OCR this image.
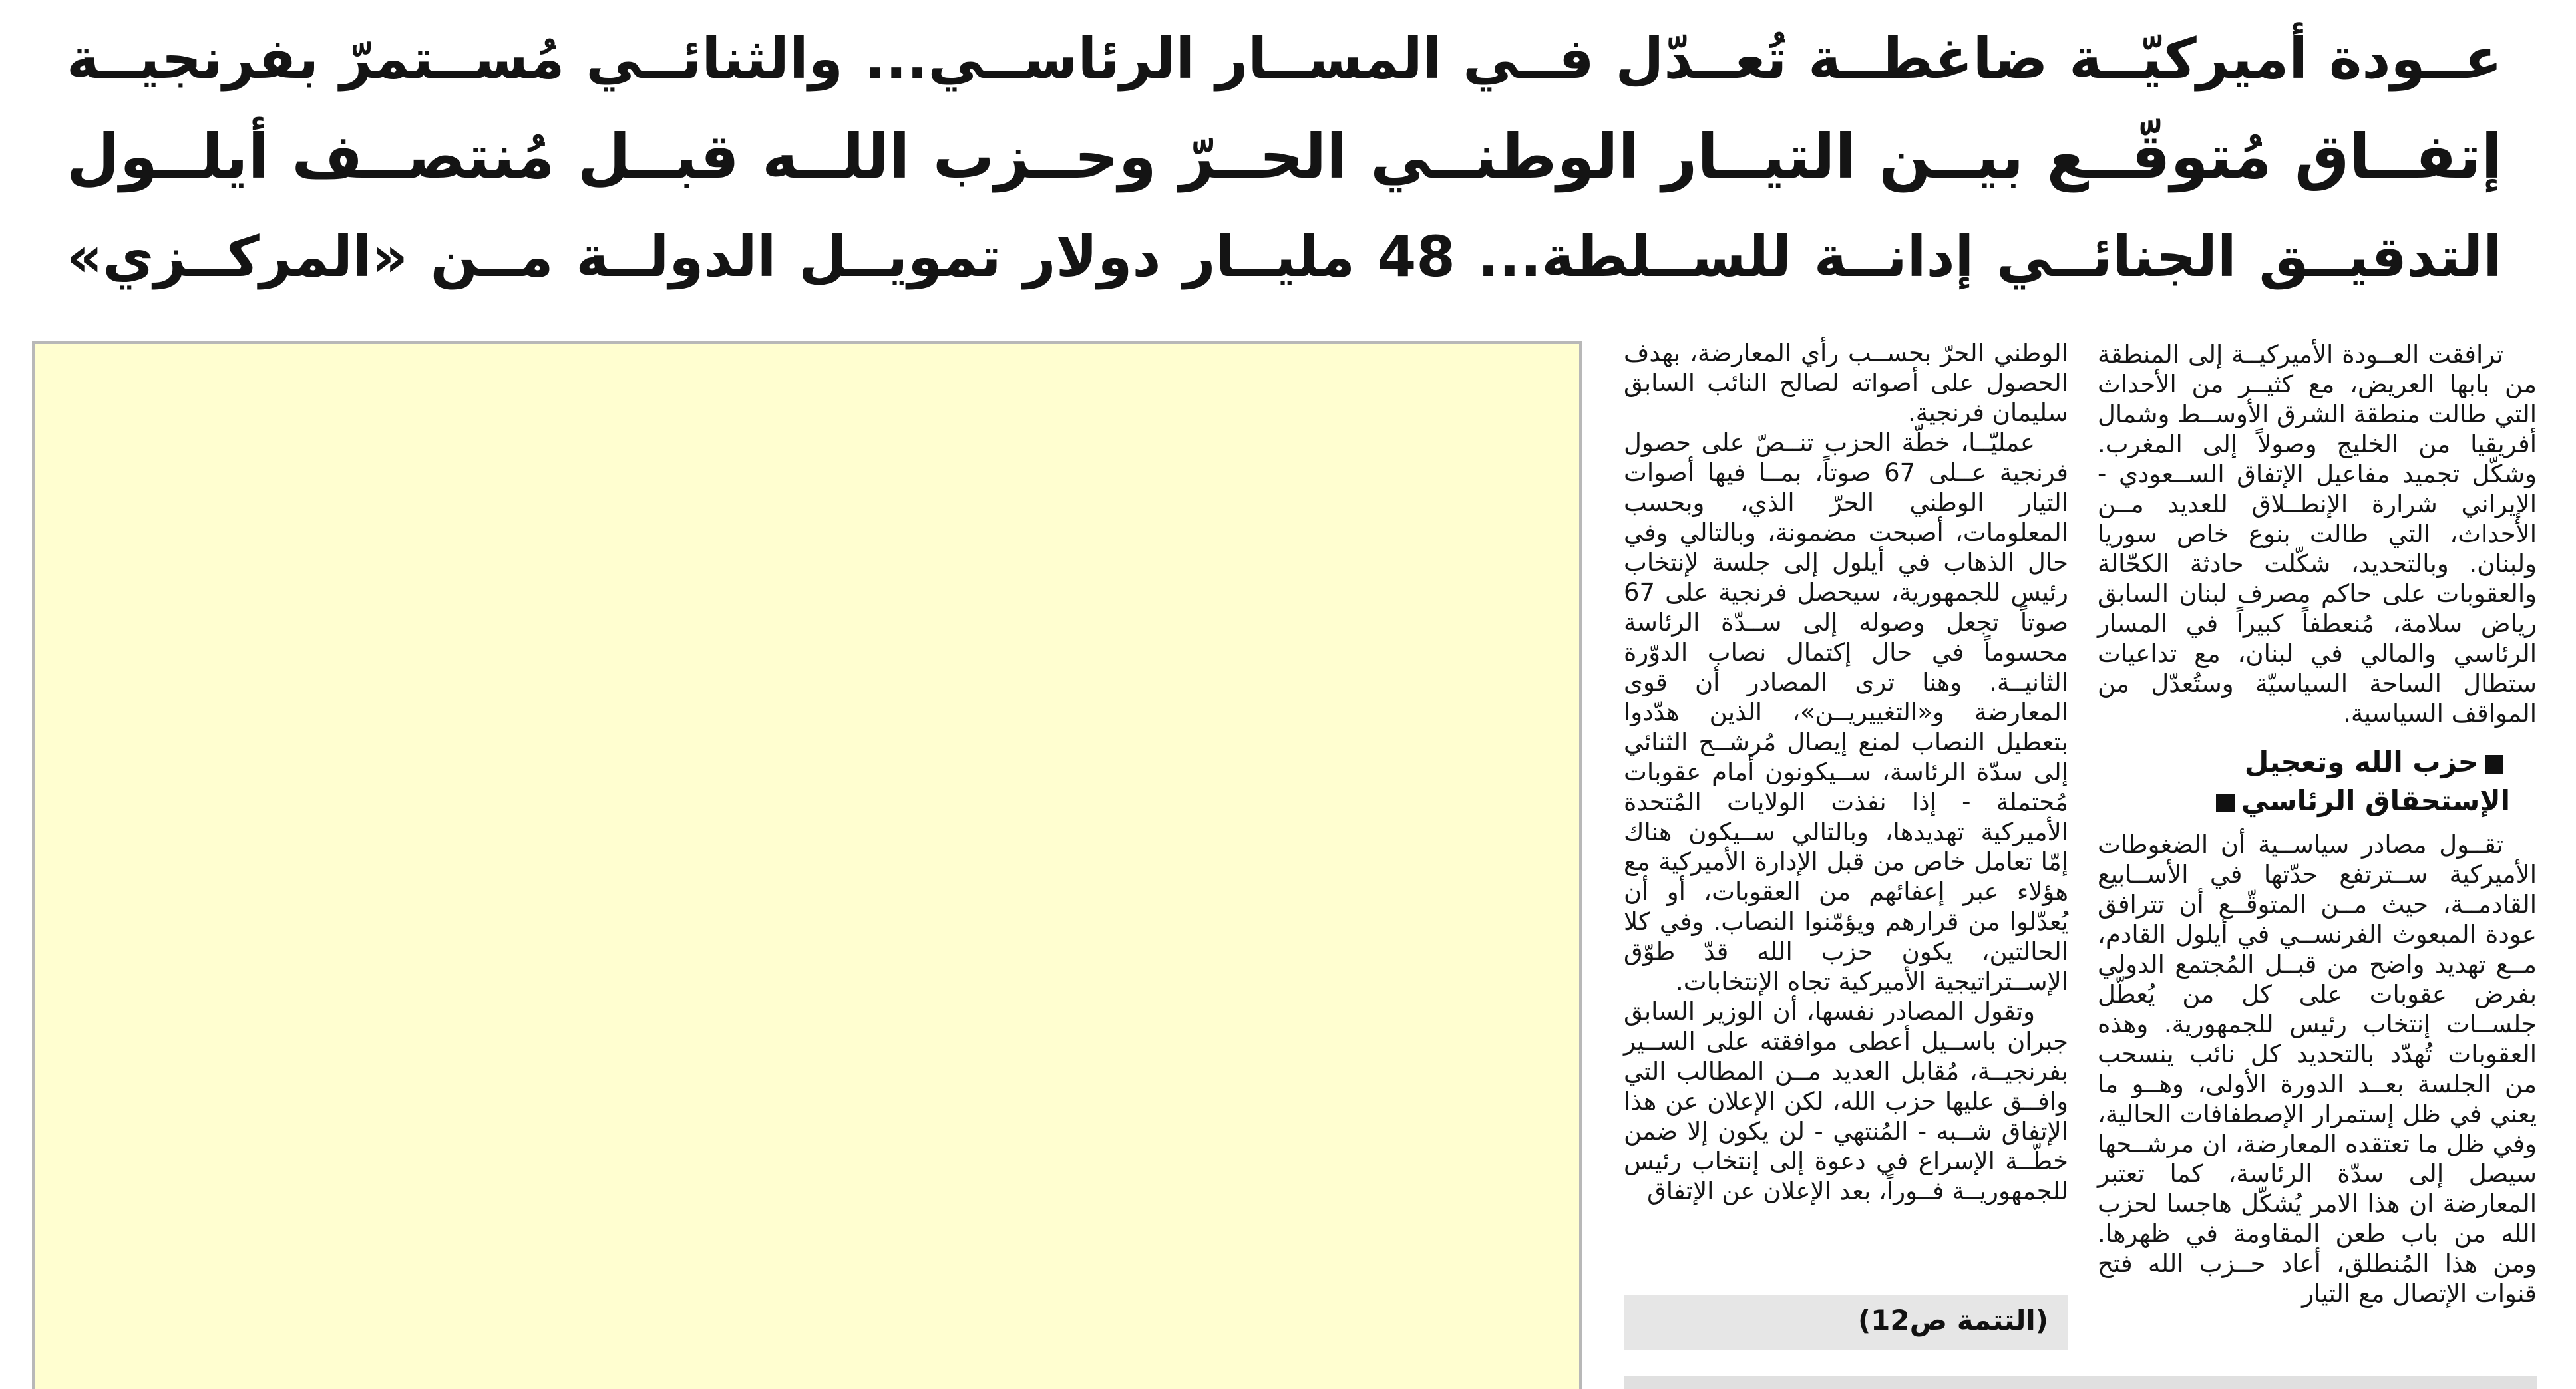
عــودة أميركيّــة ضاغطــة تُعــدّل فــي المســار الرئاســي... والثنائــي مُســتمرّ بفرنجيــة
إتفــاق مُتوقّــع بيــن التيــار الوطنــي الحــرّ وحــزب اللــه قبــل مُنتصــف أيلــول
التدقيــق الجنائــي إدانــة للســلطة... 48 مليــار دولار تمويــل الدولــة مــن «المركــزي»

ترافقت العــودة الأميركيــة إلى المنطقة من بابها العريض، مع كثيــر من الأحداث التي طالت منطقة الشرق الأوســط وشمال أفريقيا من الخليج وصولاً إلى المغرب. وشكّل تجميد مفاعيل الإتفاق الســعودي - الإيراني شرارة الإنطــلاق للعديد مــن الأحداث، التي طالت بنوع خاص سوريا ولبنان. وبالتحديد، شكّلت حادثة الكحّالة والعقوبات على حاكم مصرف لبنان السابق رياض سلامة، مُنعطفاً كبيراً في المسار الرئاسي والمالي في لبنان، مع تداعيات ستطال الساحة السياسيّة وستُعدّل من المواقف السياسية.

حزب الله وتعجيل
الإستحقاق الرئاسي

تقــول مصادر سياســية أن الضغوطات الأميركية ســترتفع حدّتها في الأســابيع القادمــة، حيث مــن المتوقّــع أن تترافق عودة المبعوث الفرنســي في أيلول القادم، مــع تهديد واضح من قبــل المُجتمع الدولي بفرض عقوبات على كل من يُعطّل جلســات إنتخاب رئيس للجمهورية. وهذه العقوبات تُهدّد بالتحديد كل نائب ينسحب من الجلسة بعــد الدورة الأولى، وهــو ما يعني في ظل إستمرار الإصطفافات الحالية، وفي ظل ما تعتقده المعارضة، ان مرشــحها سيصل إلى سدّة الرئاسة، كما تعتبر المعارضة ان هذا الامر يُشكّل هاجسا لحزب الله من باب طعن المقاومة في ظهرها. ومن هذا المُنطلق، أعاد حــزب الله فتح قنوات الإتصال مع التيار

الوطني الحرّ بحســب رأي المعارضة، بهدف الحصول على أصواته لصالح النائب السابق سليمان فرنجية.

عمليّــا، خطّة الحزب تنــصّ على حصول فرنجية عــلى 67 صوتاً، بمــا فيها أصوات التيار الوطني الحرّ الذي، وبحسب المعلومات، أصبحت مضمونة، وبالتالي وفي حال الذهاب في أيلول إلى جلسة لإنتخاب رئيس للجمهورية، سيحصل فرنجية على 67 صوتاً تجعل وصوله إلى ســدّة الرئاسة محسوماً في حال إكتمال نصاب الدوّرة الثانيــة. وهنا ترى المصادر أن قوى المعارضة و«التغييريــن»، الذين هدّدوا بتعطيل النصاب لمنع إيصال مُرشــح الثنائي إلى سدّة الرئاسة، ســيكونون أمام عقوبات مُحتملة - إذا نفذت الولايات المُتحدة الأميركية تهديدها، وبالتالي ســيكون هناك إمّا تعامل خاص من قبل الإدارة الأميركية مع هؤلاء عبر إعفائهم من العقوبات، أو أن يُعدّلوا من قرارهم ويؤمّنوا النصاب. وفي كلا الحالتين، يكون حزب الله قدّ طوّق الإســتراتيجية الأميركية تجاه الإنتخابات.

وتقول المصادر نفسها، أن الوزير السابق جبران باســيل أعطى موافقته على الســير بفرنجيــة، مُقابل العديد مــن المطالب التي وافــق عليها حزب الله، لكن الإعلان عن هذا الإتفاق شــبه - المُنتهي - لن يكون إلا ضمن خطّــة الإسراع في دعوة إلى إنتخاب رئيس للجمهوريــة فــوراً، بعد الإعلان عن الإتفاق

(التتمة ص12)
